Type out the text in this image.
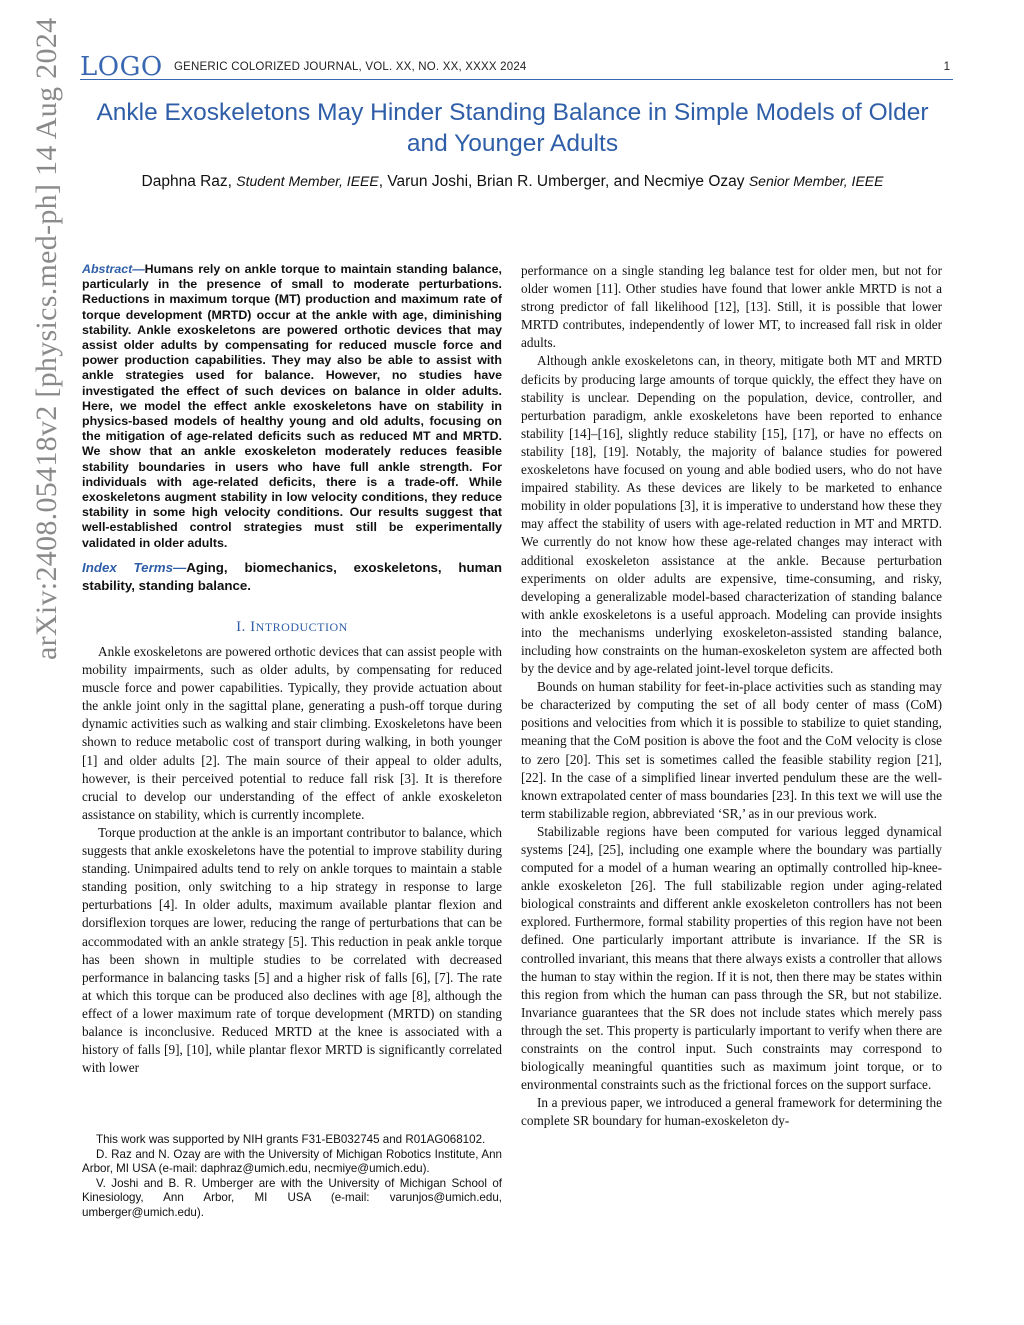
LOGO GENERIC COLORIZED JOURNAL, VOL. XX, NO. XX, XXXX 2024	1
Ankle Exoskeletons May Hinder Standing Balance in Simple Models of Older and Younger Adults
Daphna Raz, Student Member, IEEE, Varun Joshi, Brian R. Umberger, and Necmiye Ozay Senior Member, IEEE
arXiv:2408.05418v2 [physics.med-ph] 14 Aug 2024 Abstract—Humans rely on ankle torque to maintain standing balance, particularly in the presence of small to moderate perturbations. Reductions in maximum torque (MT) production and maximum rate of torque development (MRTD) occur at the ankle with age, diminishing stability. Ankle exoskeletons are powered orthotic devices that may assist older adults by compensating for reduced muscle force and power production capabilities. They may also be able to assist with ankle strategies used for balance. However, no studies have investigated the effect of such devices on balance in older adults. Here, we model the effect ankle exoskeletons have on stability in physics-based models of healthy young and old adults, focusing on the mitigation of age-related deficits such as reduced MT and MRTD. We show that an ankle exoskeleton moderately reduces feasible stability boundaries in users who have full ankle strength. For individuals with age-related deficits, there is a trade-off. While exoskeletons augment stability in low velocity conditions, they reduce stability in some high velocity conditions. Our results suggest that well-established control strategies must still be experimentally validated in older adults.
Index Terms—Aging, biomechanics, exoskeletons, human stability, standing balance.
I. INTRODUCTION

Ankle exoskeletons are powered orthotic devices that can assist people with mobility impairments, such as older adults, by compensating for reduced muscle force and power capabilities. Typically, they provide actuation about the ankle joint only in the sagittal plane, generating a push-off torque during dynamic activities such as walking and stair climbing. Exoskeletons have been shown to reduce metabolic cost of transport during walking, in both younger [1] and older adults [2]. The main source of their appeal to older adults, however, is their perceived potential to reduce fall risk [3]. It is therefore crucial to develop our understanding of the effect of ankle exoskeleton assistance on stability, which is currently incomplete.

Torque production at the ankle is an important contributor to balance, which suggests that ankle exoskeletons have the potential to improve stability during standing. Unimpaired adults tend to rely on ankle torques to maintain a stable standing position, only switching to a hip strategy in response to large perturbations [4]. In older adults, maximum available plantar flexion and dorsiflexion torques are lower, reducing the range of perturbations that can be accommodated with an ankle strategy [5]. This reduction in peak ankle torque has been shown in multiple studies to be correlated with decreased performance in balancing tasks [5] and a higher risk of falls [6], [7]. The rate at which this torque can be produced also declines with age [8], although the effect of a lower maximum rate of torque development (MRTD) on standing balance is inconclusive. Reduced MRTD at the knee is associated with a history of falls [9], [10], while plantar flexor MRTD is significantly correlated with lower

This work was supported by NIH grants F31-EB032745 and R01AG068102.

D. Raz and N. Ozay are with the University of Michigan Robotics Institute, Ann Arbor, MI USA (e-mail: daphraz@umich.edu, necmiye@umich.edu).

V. Joshi and B. R. Umberger are with the University of Michigan School of Kinesiology, Ann Arbor, MI USA (e-mail: varunjos@umich.edu, umberger@umich.edu).

performance on a single standing leg balance test for older men, but not for older women [11]. Other studies have found that lower ankle MRTD is not a strong predictor of fall likelihood [12], [13]. Still, it is possible that lower MRTD contributes, independently of lower MT, to increased fall risk in older adults.

Although ankle exoskeletons can, in theory, mitigate both MT and MRTD deficits by producing large amounts of torque quickly, the effect they have on stability is unclear. Depending on the population, device, controller, and perturbation paradigm, ankle exoskeletons have been reported to enhance stability [14]–[16], slightly reduce stability [15], [17], or have no effects on stability [18], [19]. Notably, the majority of balance studies for powered exoskeletons have focused on young and able bodied users, who do not have impaired stability. As these devices are likely to be marketed to enhance mobility in older populations [3], it is imperative to understand how these they may affect the stability of users with age-related reduction in MT and MRTD. We currently do not know how these age-related changes may interact with additional exoskeleton assistance at the ankle. Because perturbation experiments on older adults are expensive, time-consuming, and risky, developing a generalizable model-based characterization of standing balance with ankle exoskeletons is a useful approach. Modeling can provide insights into the mechanisms underlying exoskeleton-assisted standing balance, including how constraints on the human-exoskeleton system are affected both by the device and by age-related joint-level torque deficits.

Bounds on human stability for feet-in-place activities such as standing may be characterized by computing the set of all body center of mass (CoM) positions and velocities from which it is possible to stabilize to quiet standing, meaning that the CoM position is above the foot and the CoM velocity is close to zero [20]. This set is sometimes called the feasible stability region [21], [22]. In the case of a simplified linear inverted pendulum these are the well-known extrapolated center of mass boundaries [23]. In this text we will use the term stabilizable region, abbreviated ‘SR,’ as in our previous work.

Stabilizable regions have been computed for various legged dynamical systems [24], [25], including one example where the boundary was partially computed for a model of a human wearing an optimally controlled hip-knee-ankle exoskeleton [26]. The full stabilizable region under aging-related biological constraints and different ankle exoskeleton controllers has not been explored. Furthermore, formal stability properties of this region have not been defined. One particularly important attribute is invariance. If the SR is controlled invariant, this means that there always exists a controller that allows the human to stay within the region. If it is not, then there may be states within this region from which the human can pass through the SR, but not stabilize. Invariance guarantees that the SR does not include states which merely pass through the set. This property is particularly important to verify when there are constraints on the control input. Such constraints may correspond to biologically meaningful quantities such as maximum joint torque, or to environmental constraints such as the frictional forces on the support surface.

In a previous paper, we introduced a general framework for determining the complete SR boundary for human-exoskeleton dy-
